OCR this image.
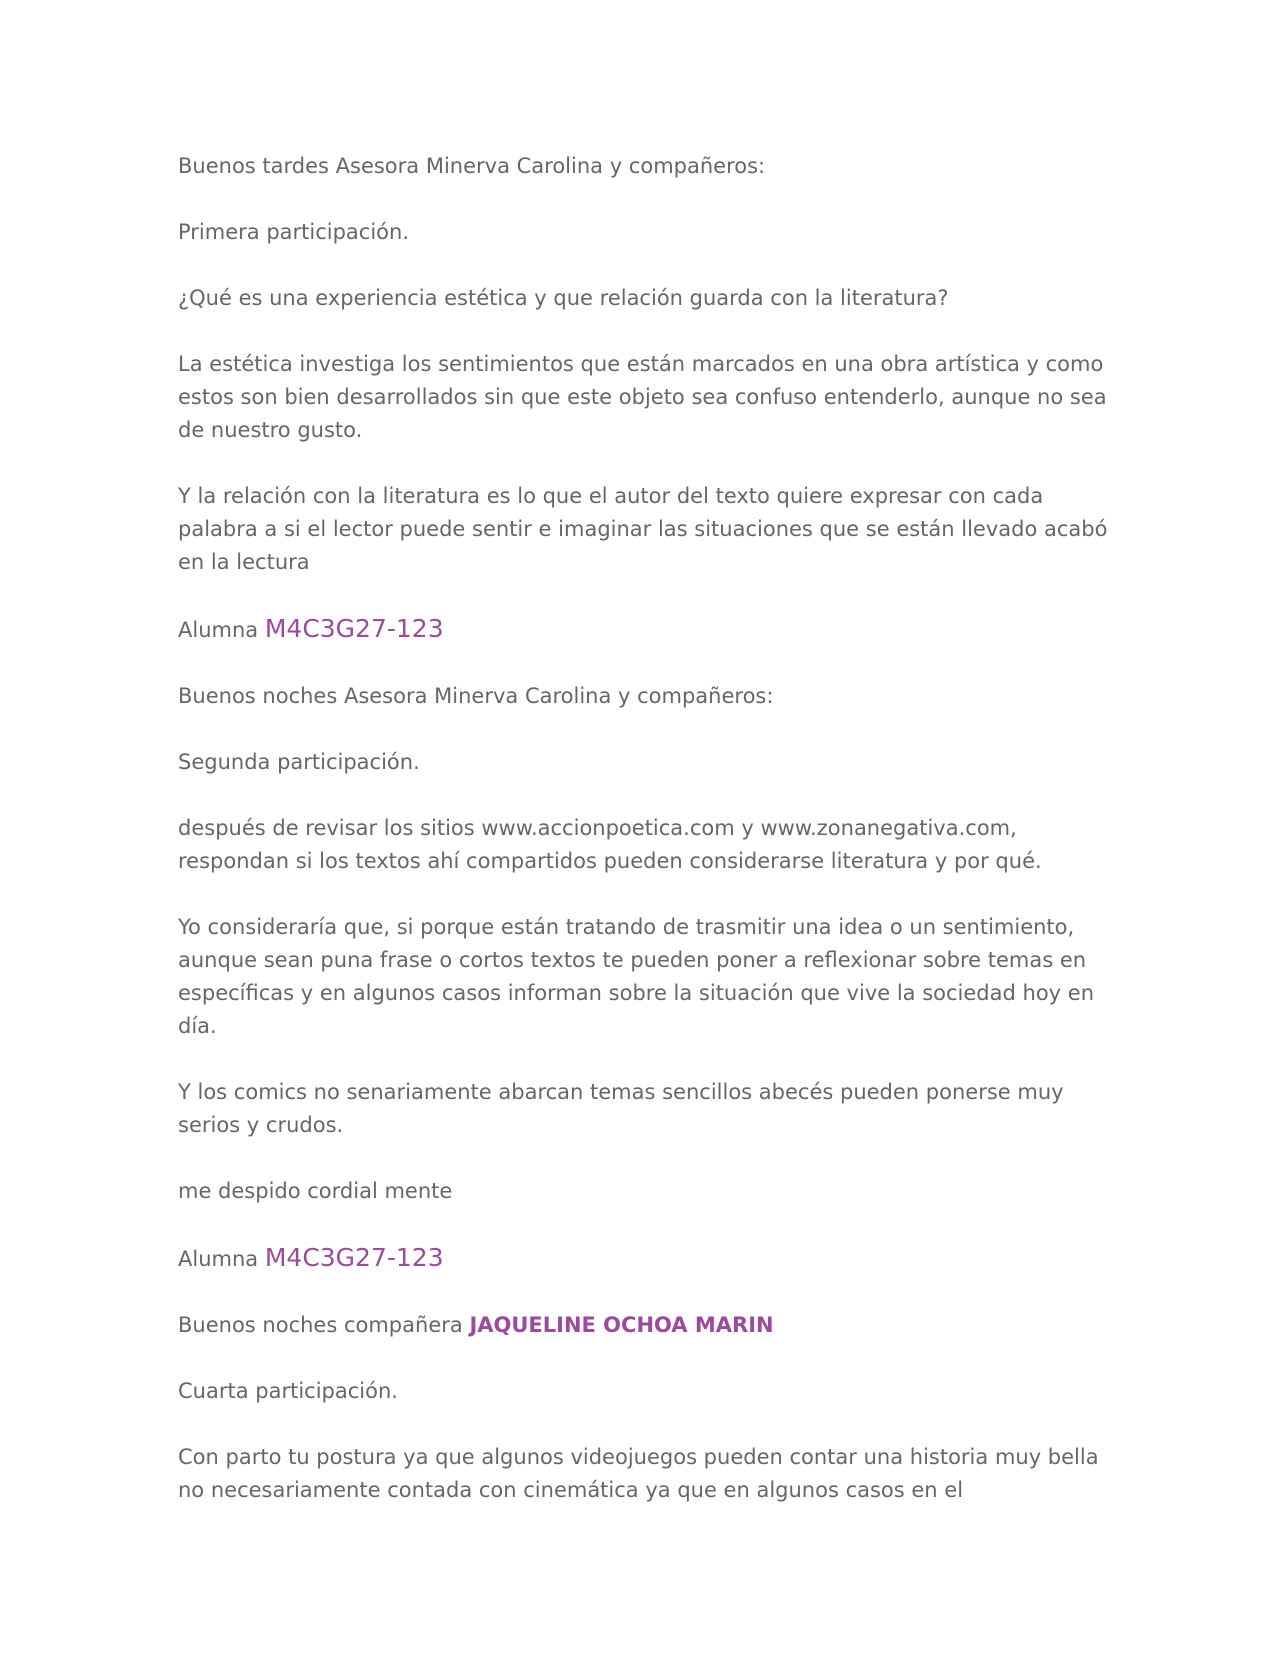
Buenos tardes Asesora Minerva Carolina y compañeros:

Primera participación.

¿Qué es una experiencia estética y que relación guarda con la literatura?

La estética investiga los sentimientos que están marcados en una obra artística y como estos son bien desarrollados sin que este objeto sea confuso entenderlo, aunque no sea de nuestro gusto.

Y la relación con la literatura es lo que el autor del texto quiere expresar con cada palabra a si el lector puede sentir e imaginar las situaciones que se están llevado acabó en la lectura

Alumna M4C3G27-123

Buenos noches Asesora Minerva Carolina y compañeros:

Segunda participación.

después de revisar los sitios www.accionpoetica.com y www.zonanegativa.com, respondan si los textos ahí compartidos pueden considerarse literatura y por qué.

Yo consideraría que, si porque están tratando de trasmitir una idea o un sentimiento, aunque sean puna frase o cortos textos te pueden poner a reflexionar sobre temas en específicas y en algunos casos informan sobre la situación que vive la sociedad hoy en día.

Y los comics no senariamente abarcan temas sencillos abecés pueden ponerse muy serios y crudos.

me despido cordial mente

Alumna M4C3G27-123

Buenos noches compañera JAQUELINE OCHOA MARIN

Cuarta participación.

Con parto tu postura ya que algunos videojuegos pueden contar una historia muy bella no necesariamente contada con cinemática ya que en algunos casos en el
